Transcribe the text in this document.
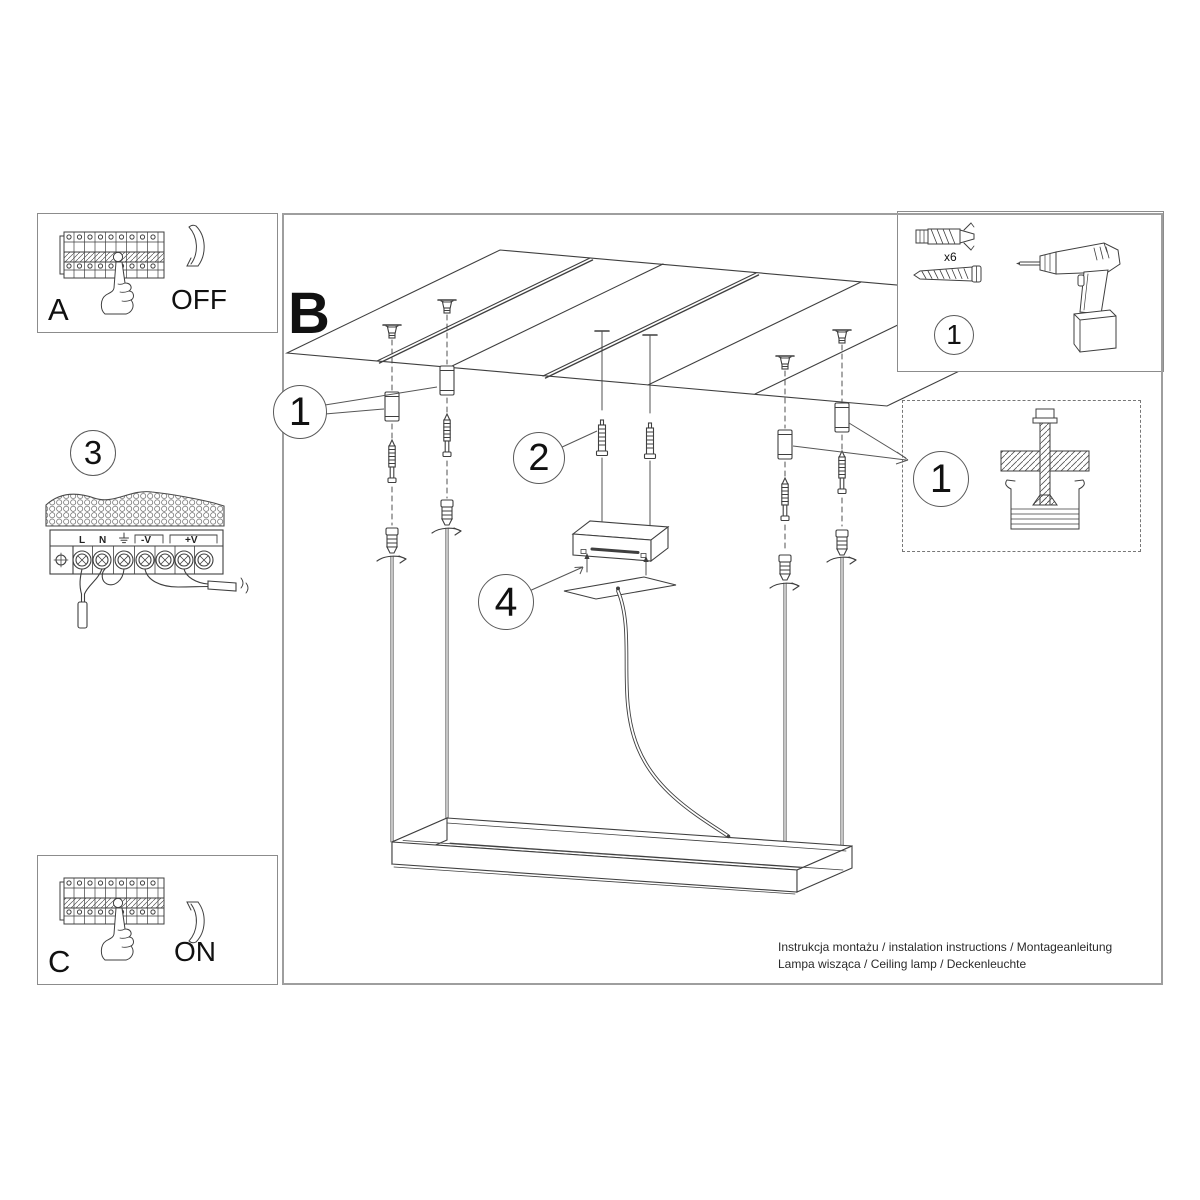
L N	-V	+V
A	OFF
C	ON
x6
1
1
1
2
3
4
B
Instrukcja montażu / instalation instructions / Montageanleitung
Lampa wisząca / Ceiling lamp / Deckenleuchte
